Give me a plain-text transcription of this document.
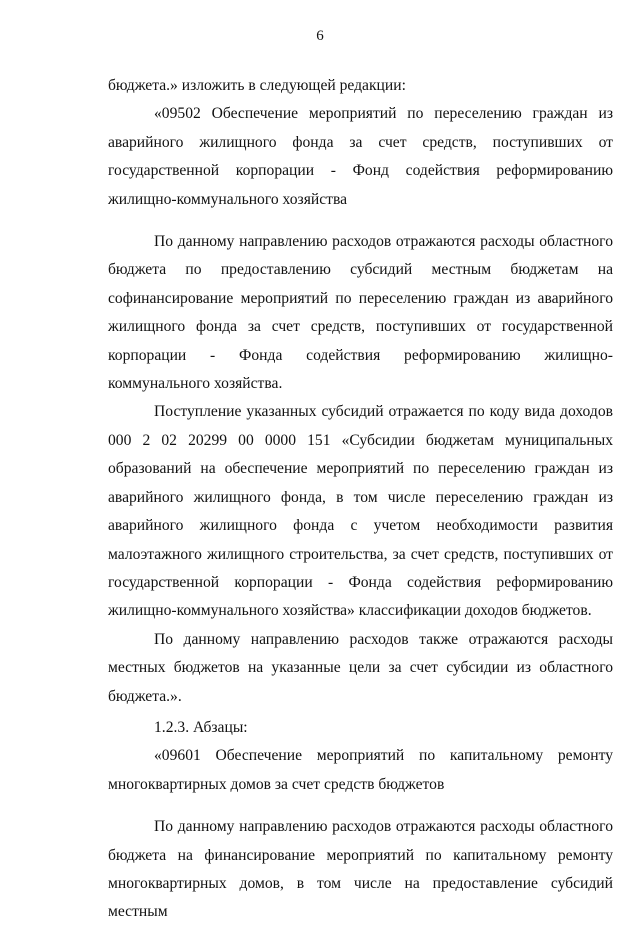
6

бюджета.» изложить в следующей редакции:

«09502 Обеспечение мероприятий по переселению граждан из аварийного жилищного фонда за счет средств, поступивших от государственной корпорации - Фонд содействия реформированию жилищно-коммунального хозяйства

По данному направлению расходов отражаются расходы областного бюджета по предоставлению субсидий местным бюджетам на софинансирование мероприятий по переселению граждан из аварийного жилищного фонда за счет средств, поступивших от государственной корпорации - Фонда содействия реформированию жилищно-коммунального хозяйства.

Поступление указанных субсидий отражается по коду вида доходов 000 2 02 20299 00 0000 151 «Субсидии бюджетам муниципальных образований на обеспечение мероприятий по переселению граждан из аварийного жилищного фонда, в том числе переселению граждан из аварийного жилищного фонда с учетом необходимости развития малоэтажного жилищного строительства, за счет средств, поступивших от государственной корпорации - Фонда содействия реформированию жилищно-коммунального хозяйства» классификации доходов бюджетов.

По данному направлению расходов также отражаются расходы местных бюджетов на указанные цели за счет субсидии из областного бюджета.».

1.2.3. Абзацы:

«09601 Обеспечение мероприятий по капитальному ремонту многоквартирных домов за счет средств бюджетов

По данному направлению расходов отражаются расходы областного бюджета на финансирование мероприятий по капитальному ремонту многоквартирных домов, в том числе на предоставление субсидий местным
